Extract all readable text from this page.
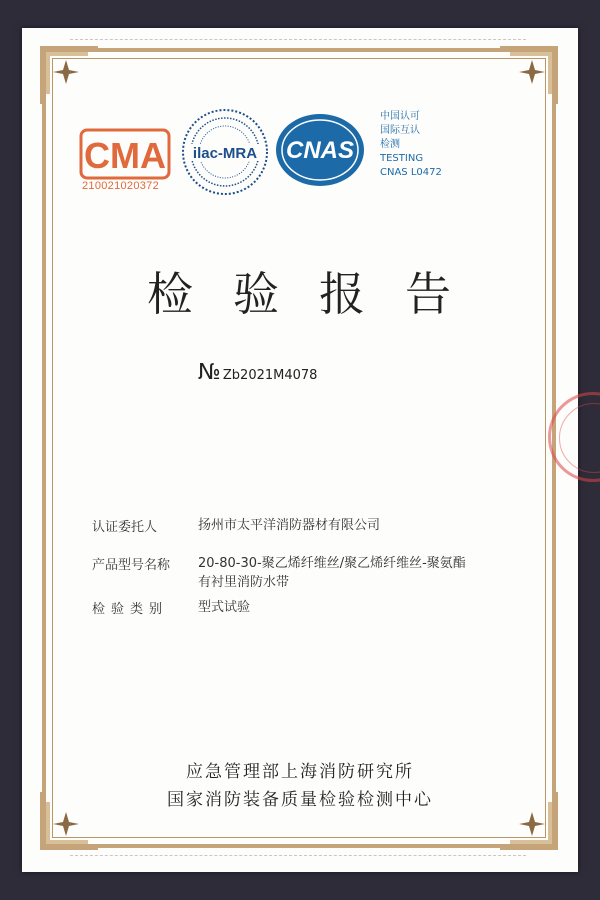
CMA
210021020372
ilac-MRA CNAS
中国认可
国际互认
检测
TESTING
CNAS L0472
检验报告
№ Zb2021M4078
认证委托人	扬州市太平洋消防器材有限公司
产品型号名称	20-80-30-聚乙烯纤维丝/聚乙烯纤维丝-聚氨酯
有衬里消防水带
检验类别	型式试验
应急管理部上海消防研究所
国家消防装备质量检验检测中心
